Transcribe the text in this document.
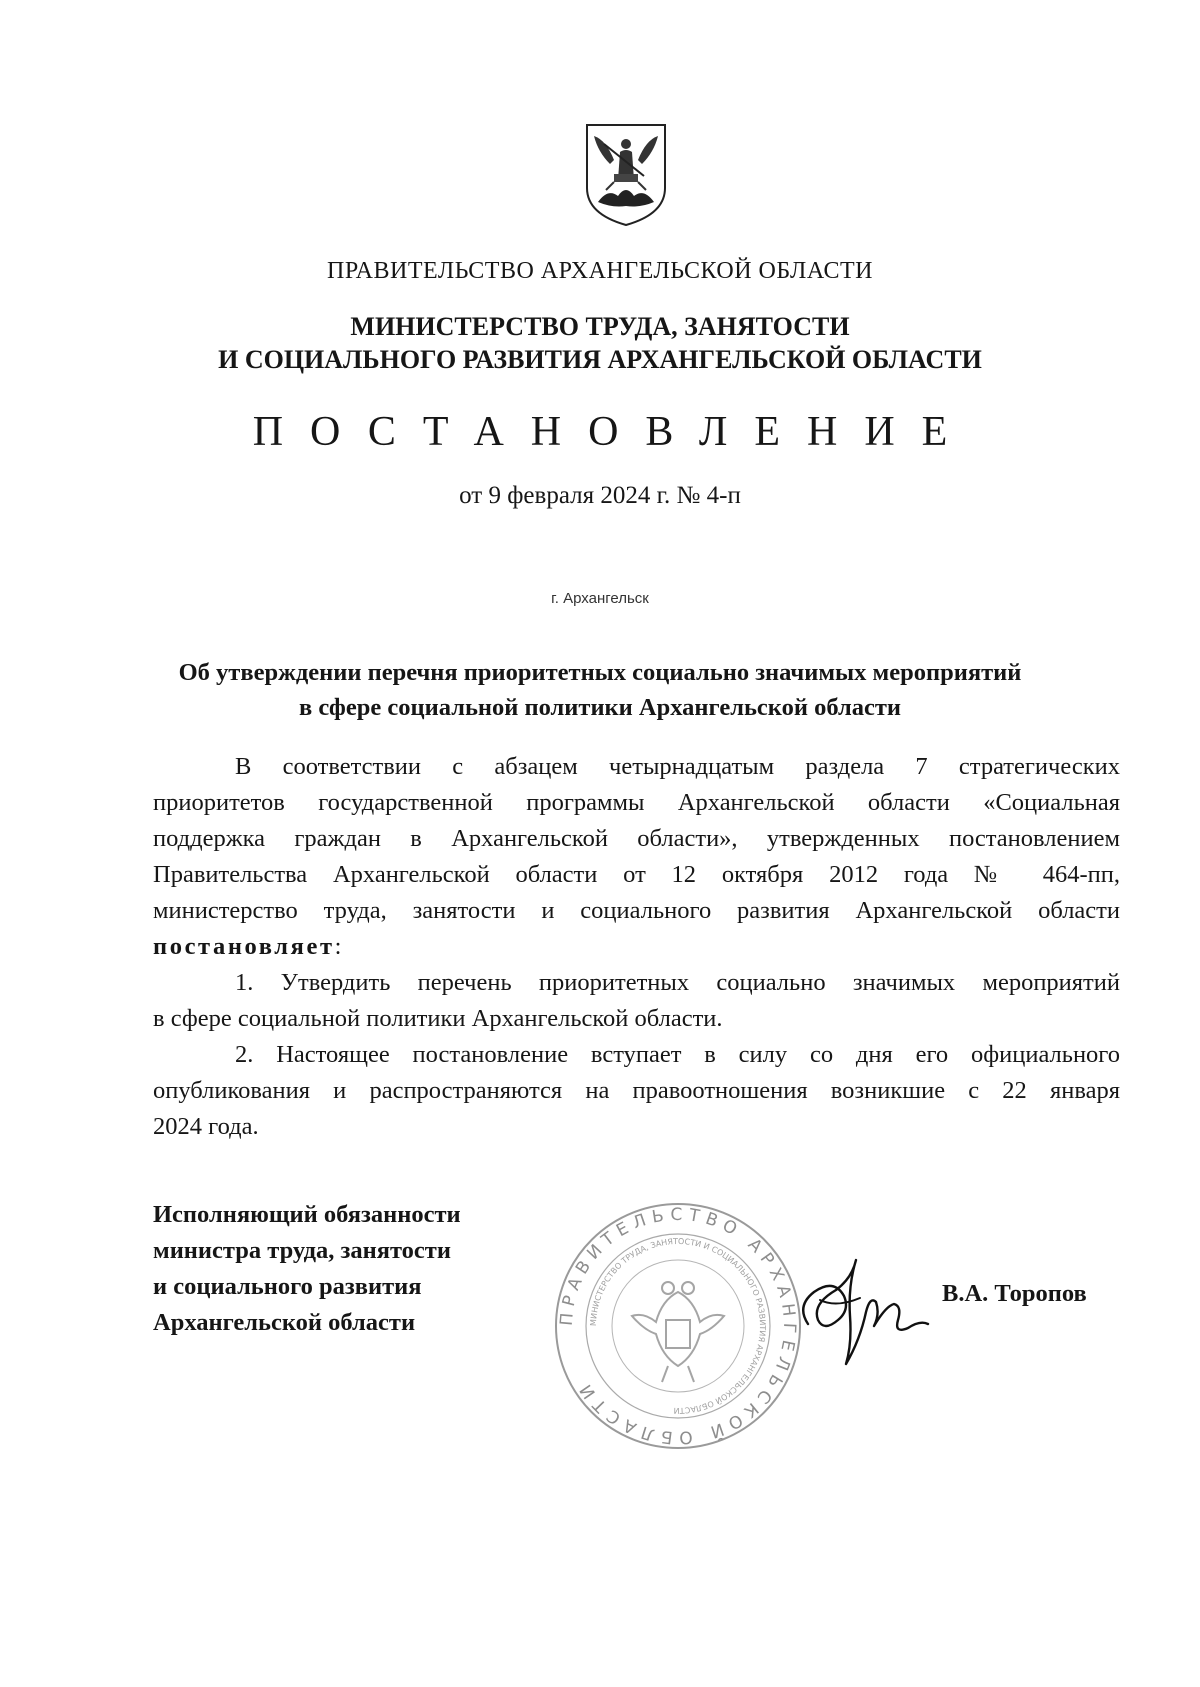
ПРАВИТЕЛЬСТВО АРХАНГЕЛЬСКОЙ ОБЛАСТИ
МИНИСТЕРСТВО ТРУДА, ЗАНЯТОСТИ
И СОЦИАЛЬНОГО РАЗВИТИЯ АРХАНГЕЛЬСКОЙ ОБЛАСТИ
ПОСТАНОВЛЕНИЕ
от 9 февраля 2024 г. № 4-п
г. Архангельск
Об утверждении перечня приоритетных социально значимых мероприятий
в сфере социальной политики Архангельской области
В соответствии с абзацем четырнадцатым раздела 7 стратегических
приоритетов государственной программы Архангельской области «Социальная
поддержка граждан в Архангельской области», утвержденных постановлением
Правительства Архангельской области от 12 октября 2012 года № 464-пп,
министерство труда, занятости и социального развития Архангельской области
постановляет:
1. Утвердить перечень приоритетных социально значимых мероприятий
в сфере социальной политики Архангельской области.
2. Настоящее постановление вступает в силу со дня его официального
опубликования и распространяются на правоотношения возникшие с 22 января
2024 года.
Исполняющий обязанности
министра труда, занятости
и социального развития
Архангельской области	ПРАВИТЕЛЬСТВО АРХАНГЕЛЬСКОЙ ОБЛАСТИ
МИНИСТЕРСТВО ТРУДА, ЗАНЯТОСТИ И СОЦИАЛЬНОГО РАЗВИТИЯ АРХАНГЕЛЬСКОЙ ОБЛАСТИ
В.А. Торопов
